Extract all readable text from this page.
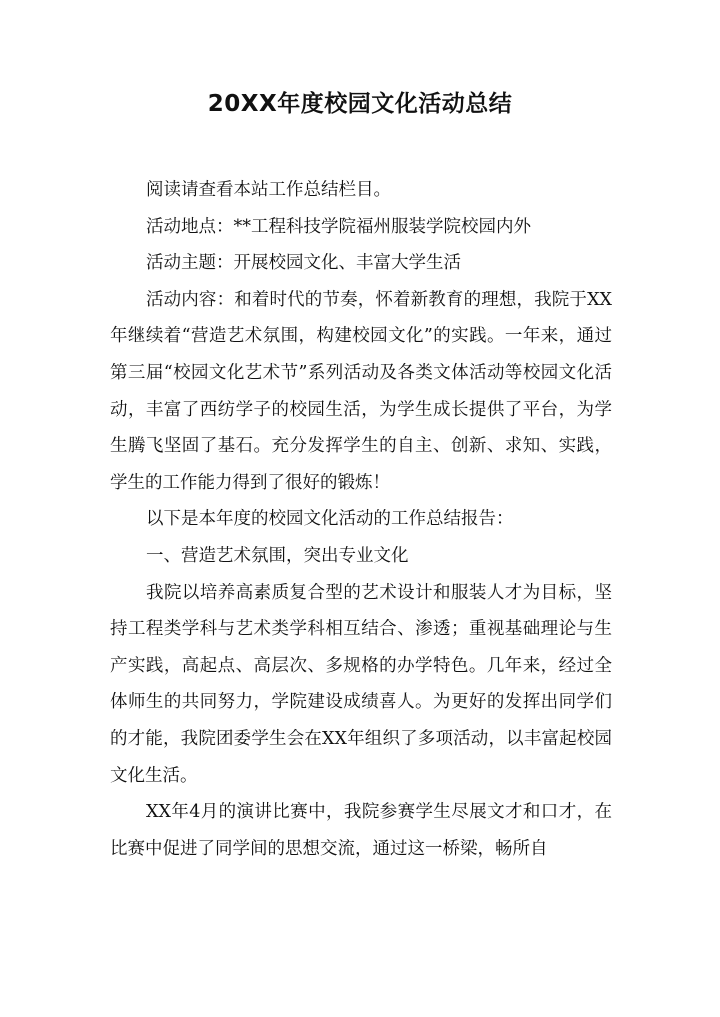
20XX年度校园文化活动总结

阅读请查看本站工作总结栏目。

活动地点：**工程科技学院福州服装学院校园内外

活动主题：开展校园文化、丰富大学生活

活动内容：和着时代的节奏，怀着新教育的理想，我院于XX年继续着“营造艺术氛围，构建校园文化”的实践。一年来，通过第三届“校园文化艺术节”系列活动及各类文体活动等校园文化活动，丰富了西纺学子的校园生活，为学生成长提供了平台，为学生腾飞坚固了基石。充分发挥学生的自主、创新、求知、实践，学生的工作能力得到了很好的锻炼！

以下是本年度的校园文化活动的工作总结报告：

一、营造艺术氛围，突出专业文化

我院以培养高素质复合型的艺术设计和服装人才为目标，坚持工程类学科与艺术类学科相互结合、渗透；重视基础理论与生产实践，高起点、高层次、多规格的办学特色。几年来，经过全体师生的共同努力，学院建设成绩喜人。为更好的发挥出同学们的才能，我院团委学生会在XX年组织了多项活动，以丰富起校园文化生活。

XX年4月的演讲比赛中，我院参赛学生尽展文才和口才，在比赛中促进了同学间的思想交流，通过这一桥梁，畅所自
